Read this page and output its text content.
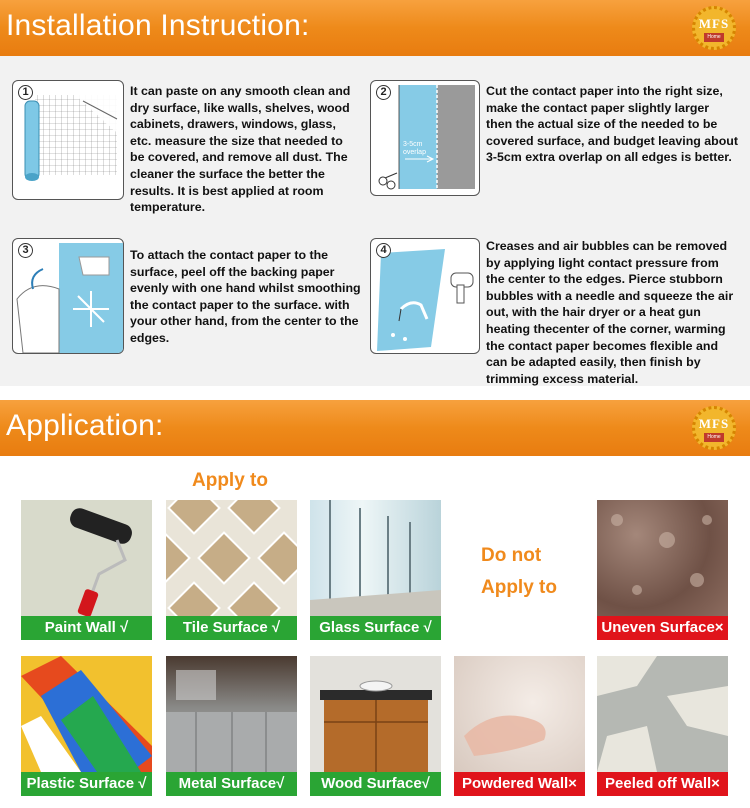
Installation Instruction:	MFS
Home
1	It can paste on any smooth clean and dry surface, like walls, shelves, wood cabinets, drawers, windows, glass, etc. measure the size that needed to be covered, and remove all dust. The cleaner the surface the better the results. It is best applied at room temperature.
2
3-5cm overlap
Cut the contact paper into the right size, make the contact paper slightly larger then the actual size of the needed to be covered surface, and budget leaving about 3-5cm extra overlap on all edges is better.
3	To attach the contact paper to the surface, peel off the backing paper evenly with one hand whilst smoothing the contact paper to the surface. with your other hand, from the center to the edges.
4	Creases and air bubbles can be removed by applying light contact pressure from the center to the edges. Pierce stubborn bubbles with a needle and squeeze the air out, with the hair dryer or a heat gun heating thecenter of the corner, warming the contact paper becomes flexible and can be adapted easily, then finish by trimming excess material.
Application:	MFS
Home
Apply to
Do not
Apply to
Paint Wall √	Tile Surface √	Glass Surface √	Uneven Surface×
Plastic Surface √	Metal Surface√	Wood Surface√	Powdered Wall×	Peeled off Wall×
